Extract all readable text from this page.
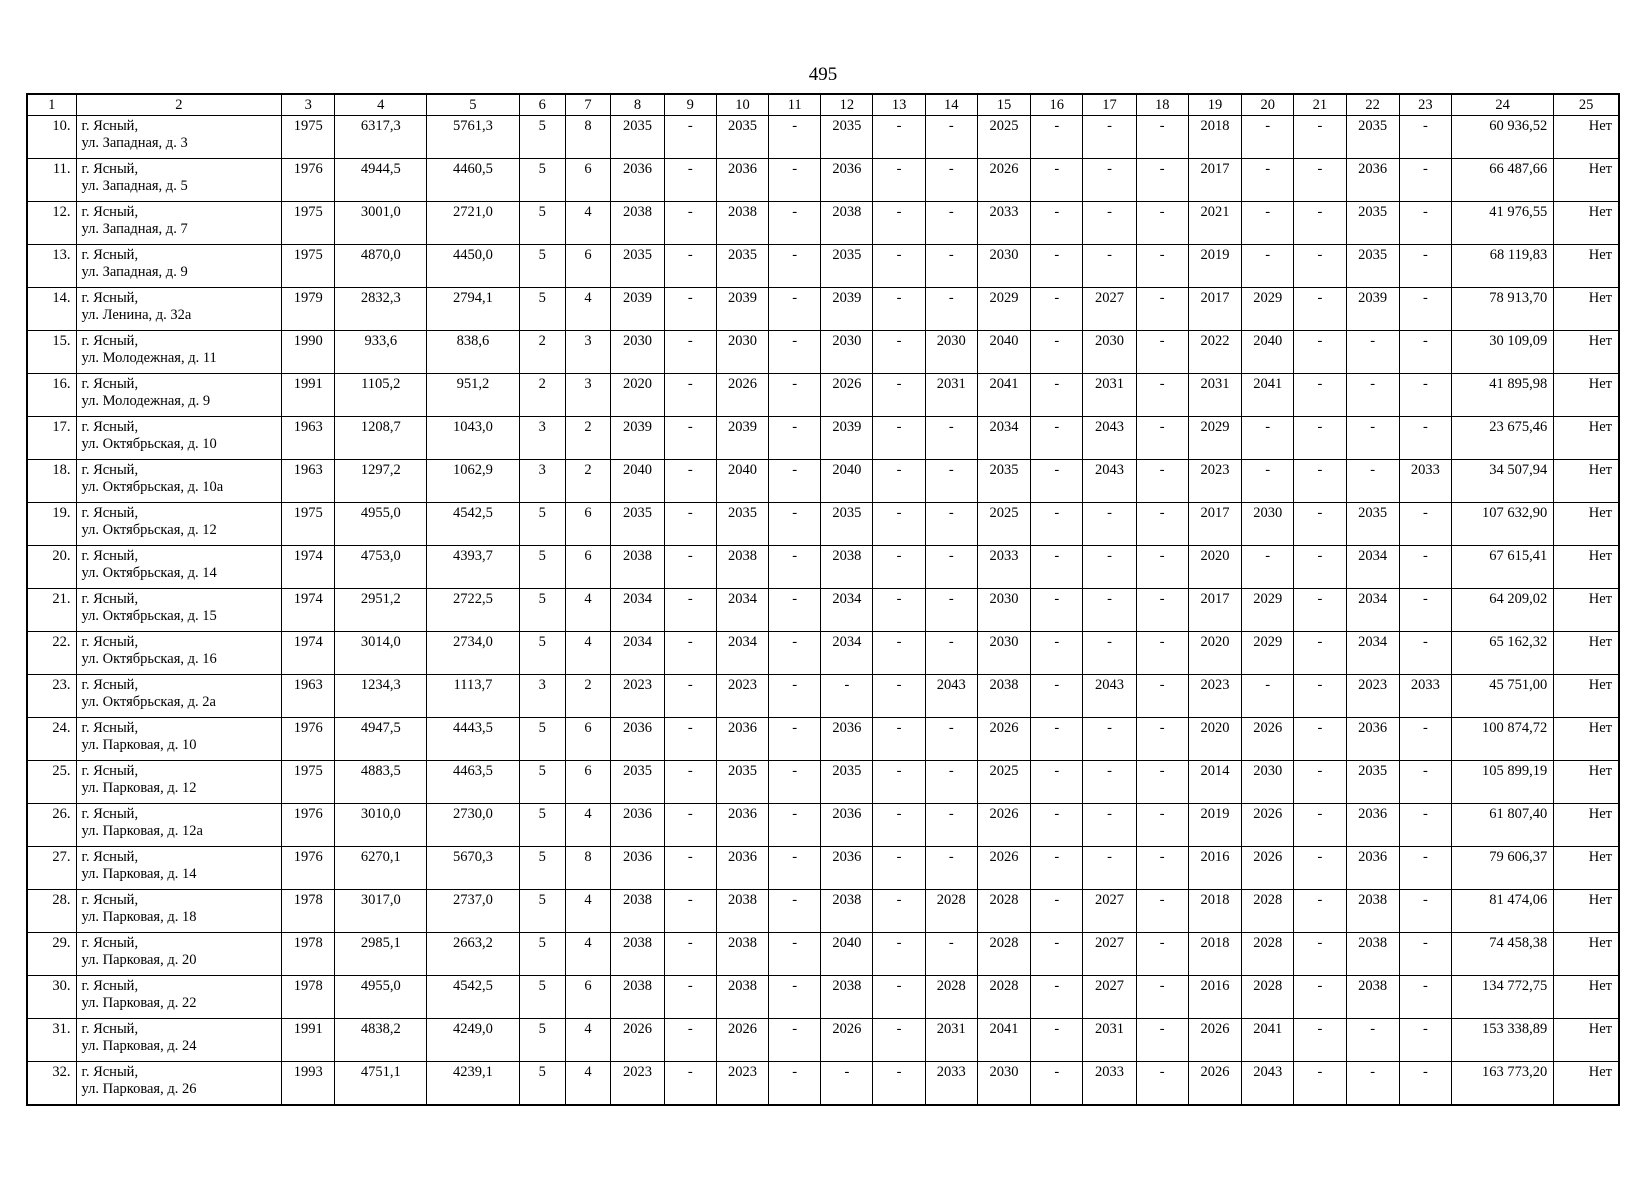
495
1	2	3	4	5	6	7	8	9	10	11	12	13	14	15	16	17	18	19	20	21	22	23	24	25
10.	г. Ясный,
ул. Западная, д. 3	1975	6317,3	5761,3	5	8	2035	-	2035	-	2035	-	-	2025	-	-	-	2018	-	-	2035	-	60 936,52	Нет
11.	г. Ясный,
ул. Западная, д. 5	1976	4944,5	4460,5	5	6	2036	-	2036	-	2036	-	-	2026	-	-	-	2017	-	-	2036	-	66 487,66	Нет
12.	г. Ясный,
ул. Западная, д. 7	1975	3001,0	2721,0	5	4	2038	-	2038	-	2038	-	-	2033	-	-	-	2021	-	-	2035	-	41 976,55	Нет
13.	г. Ясный,
ул. Западная, д. 9	1975	4870,0	4450,0	5	6	2035	-	2035	-	2035	-	-	2030	-	-	-	2019	-	-	2035	-	68 119,83	Нет
14.	г. Ясный,
ул. Ленина, д. 32а	1979	2832,3	2794,1	5	4	2039	-	2039	-	2039	-	-	2029	-	2027	-	2017	2029	-	2039	-	78 913,70	Нет
15.	г. Ясный,
ул. Молодежная, д. 11	1990	933,6	838,6	2	3	2030	-	2030	-	2030	-	2030	2040	-	2030	-	2022	2040	-	-	-	30 109,09	Нет
16.	г. Ясный,
ул. Молодежная, д. 9	1991	1105,2	951,2	2	3	2020	-	2026	-	2026	-	2031	2041	-	2031	-	2031	2041	-	-	-	41 895,98	Нет
17.	г. Ясный,
ул. Октябрьская, д. 10	1963	1208,7	1043,0	3	2	2039	-	2039	-	2039	-	-	2034	-	2043	-	2029	-	-	-	-	23 675,46	Нет
18.	г. Ясный,
ул. Октябрьская, д. 10а	1963	1297,2	1062,9	3	2	2040	-	2040	-	2040	-	-	2035	-	2043	-	2023	-	-	-	2033	34 507,94	Нет
19.	г. Ясный,
ул. Октябрьская, д. 12	1975	4955,0	4542,5	5	6	2035	-	2035	-	2035	-	-	2025	-	-	-	2017	2030	-	2035	-	107 632,90	Нет
20.	г. Ясный,
ул. Октябрьская, д. 14	1974	4753,0	4393,7	5	6	2038	-	2038	-	2038	-	-	2033	-	-	-	2020	-	-	2034	-	67 615,41	Нет
21.	г. Ясный,
ул. Октябрьская, д. 15	1974	2951,2	2722,5	5	4	2034	-	2034	-	2034	-	-	2030	-	-	-	2017	2029	-	2034	-	64 209,02	Нет
22.	г. Ясный,
ул. Октябрьская, д. 16	1974	3014,0	2734,0	5	4	2034	-	2034	-	2034	-	-	2030	-	-	-	2020	2029	-	2034	-	65 162,32	Нет
23.	г. Ясный,
ул. Октябрьская, д. 2а	1963	1234,3	1113,7	3	2	2023	-	2023	-	-	-	2043	2038	-	2043	-	2023	-	-	2023	2033	45 751,00	Нет
24.	г. Ясный,
ул. Парковая, д. 10	1976	4947,5	4443,5	5	6	2036	-	2036	-	2036	-	-	2026	-	-	-	2020	2026	-	2036	-	100 874,72	Нет
25.	г. Ясный,
ул. Парковая, д. 12	1975	4883,5	4463,5	5	6	2035	-	2035	-	2035	-	-	2025	-	-	-	2014	2030	-	2035	-	105 899,19	Нет
26.	г. Ясный,
ул. Парковая, д. 12а	1976	3010,0	2730,0	5	4	2036	-	2036	-	2036	-	-	2026	-	-	-	2019	2026	-	2036	-	61 807,40	Нет
27.	г. Ясный,
ул. Парковая, д. 14	1976	6270,1	5670,3	5	8	2036	-	2036	-	2036	-	-	2026	-	-	-	2016	2026	-	2036	-	79 606,37	Нет
28.	г. Ясный,
ул. Парковая, д. 18	1978	3017,0	2737,0	5	4	2038	-	2038	-	2038	-	2028	2028	-	2027	-	2018	2028	-	2038	-	81 474,06	Нет
29.	г. Ясный,
ул. Парковая, д. 20	1978	2985,1	2663,2	5	4	2038	-	2038	-	2040	-	-	2028	-	2027	-	2018	2028	-	2038	-	74 458,38	Нет
30.	г. Ясный,
ул. Парковая, д. 22	1978	4955,0	4542,5	5	6	2038	-	2038	-	2038	-	2028	2028	-	2027	-	2016	2028	-	2038	-	134 772,75	Нет
31.	г. Ясный,
ул. Парковая, д. 24	1991	4838,2	4249,0	5	4	2026	-	2026	-	2026	-	2031	2041	-	2031	-	2026	2041	-	-	-	153 338,89	Нет
32.	г. Ясный,
ул. Парковая, д. 26	1993	4751,1	4239,1	5	4	2023	-	2023	-	-	-	2033	2030	-	2033	-	2026	2043	-	-	-	163 773,20	Нет
